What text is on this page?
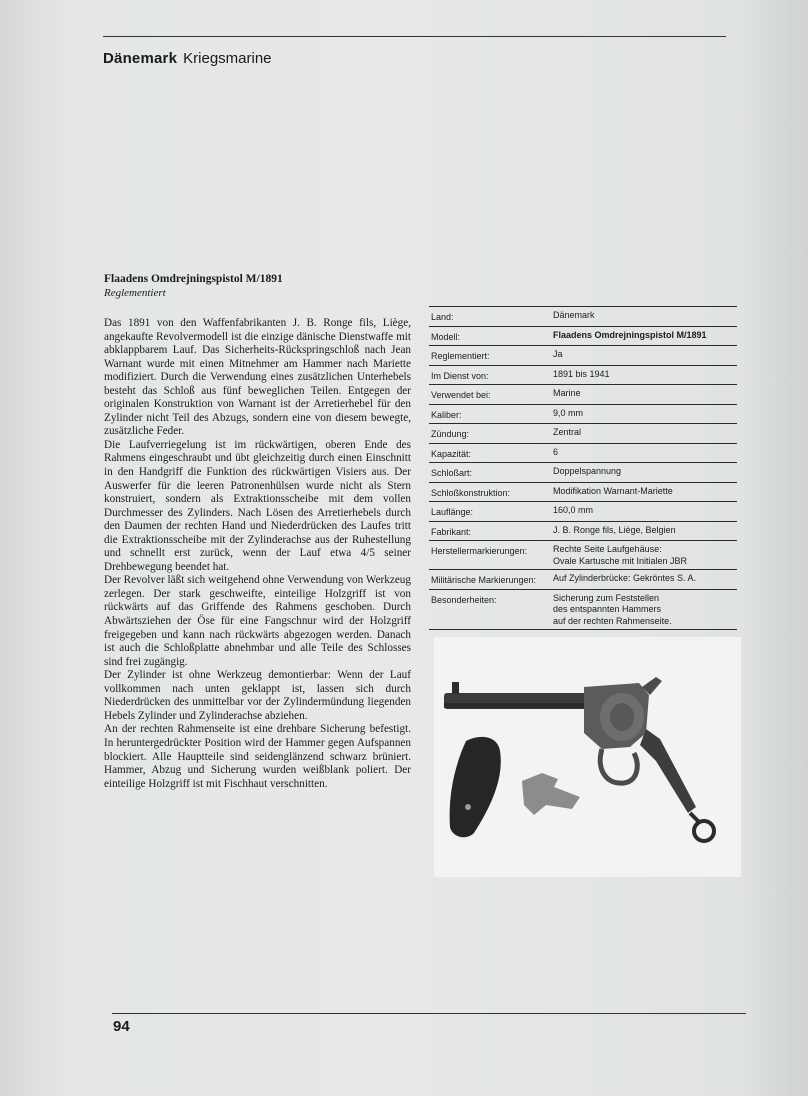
Dänemark Kriegsmarine
Flaadens Omdrejningspistol M/1891
Reglementiert

Das 1891 von den Waffenfabrikanten J. B. Ronge fils, Liège, angekaufte Revolvermodell ist die einzige dänische Dienstwaffe mit abklappbarem Lauf. Das Sicherheits-Rückspringschloß nach Jean Warnant wurde mit einen Mitnehmer am Hammer nach Mariette modifiziert. Durch die Verwendung eines zusätzlichen Unterhebels besteht das Schloß aus fünf beweglichen Teilen. Entgegen der originalen Konstruktion von Warnant ist der Arretierhebel für den Zylinder nicht Teil des Abzugs, sondern eine von diesem bewegte, zusätzliche Feder.

Die Laufverriegelung ist im rückwärtigen, oberen Ende des Rahmens eingeschraubt und übt gleichzeitig durch einen Einschnitt in den Handgriff die Funktion des rückwärtigen Visiers aus. Der Auswerfer für die leeren Patronenhülsen wurde nicht als Stern konstruiert, sondern als Extraktionsscheibe mit dem vollen Durchmesser des Zylinders. Nach Lösen des Arretierhebels durch den Daumen der rechten Hand und Niederdrücken des Laufes tritt die Extraktionsscheibe mit der Zylinderachse aus der Ruhestellung und schnellt erst zurück, wenn der Lauf etwa 4/5 seiner Drehbewegung beendet hat.

Der Revolver läßt sich weitgehend ohne Verwendung von Werkzeug zerlegen. Der stark geschweifte, einteilige Holzgriff ist von rückwärts auf das Griffende des Rahmens geschoben. Durch Abwärtsziehen der Öse für eine Fangschnur wird der Holzgriff freigegeben und kann nach rückwärts abgezogen werden. Danach ist auch die Schloßplatte abnehmbar und alle Teile des Schlosses sind frei zugängig.

Der Zylinder ist ohne Werkzeug demontierbar: Wenn der Lauf vollkommen nach unten geklappt ist, lassen sich durch Niederdrücken des unmittelbar vor der Zylindermündung liegenden Hebels Zylinder und Zylinderachse abziehen.

An der rechten Rahmenseite ist eine drehbare Sicherung befestigt. In heruntergedrückter Position wird der Hammer gegen Aufspannen blockiert. Alle Hauptteile sind seidenglänzend schwarz brüniert. Hammer, Abzug und Sicherung wurden weißblank poliert. Der einteilige Holzgriff ist mit Fischhaut verschnitten.

Land:	Dänemark
Modell:	Flaadens Omdrejningspistol M/1891
Reglementiert:	Ja
Im Dienst von:	1891 bis 1941
Verwendet bei:	Marine
Kaliber:	9,0 mm
Zündung:	Zentral
Kapazität:	6
Schloßart:	Doppelspannung
Schloßkonstruktion:	Modifikation Warnant-Mariette
Lauflänge:	160,0 mm
Fabrikant:	J. B. Ronge fils, Liège, Belgien
Herstellermarkierungen:	Rechte Seite Laufgehäuse:
Ovale Kartusche mit Initialen JBR
Militärische Markierungen:	Auf Zylinderbrücke: Gekröntes S. A.
Besonderheiten:	Sicherung zum Feststellen
des entspannten Hammers
auf der rechten Rahmenseite.
94
